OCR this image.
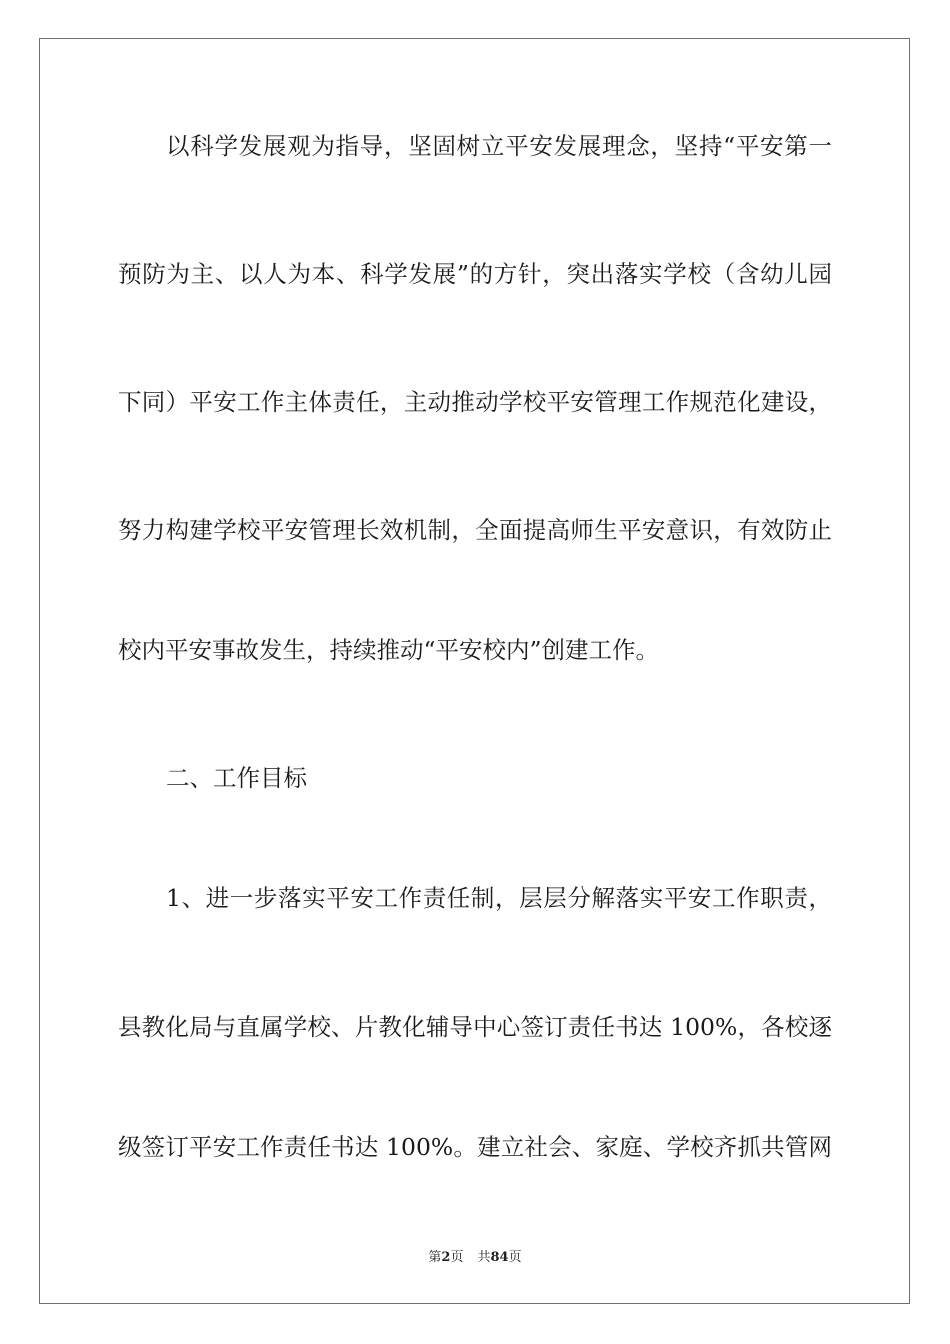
以科学发展观为指导，坚固树立平安发展理念，坚持“平安第一

预防为主、以人为本、科学发展”的方针，突出落实学校（含幼儿园

下同）平安工作主体责任，主动推动学校平安管理工作规范化建设，

努力构建学校平安管理长效机制，全面提高师生平安意识，有效防止

校内平安事故发生，持续推动“平安校内”创建工作。

二、工作目标

1、进一步落实平安工作责任制，层层分解落实平安工作职责，

县教化局与直属学校、片教化辅导中心签订责任书达 100%，各校逐

级签订平安工作责任书达 100%。建立社会、家庭、学校齐抓共管网

第2页 共84页
